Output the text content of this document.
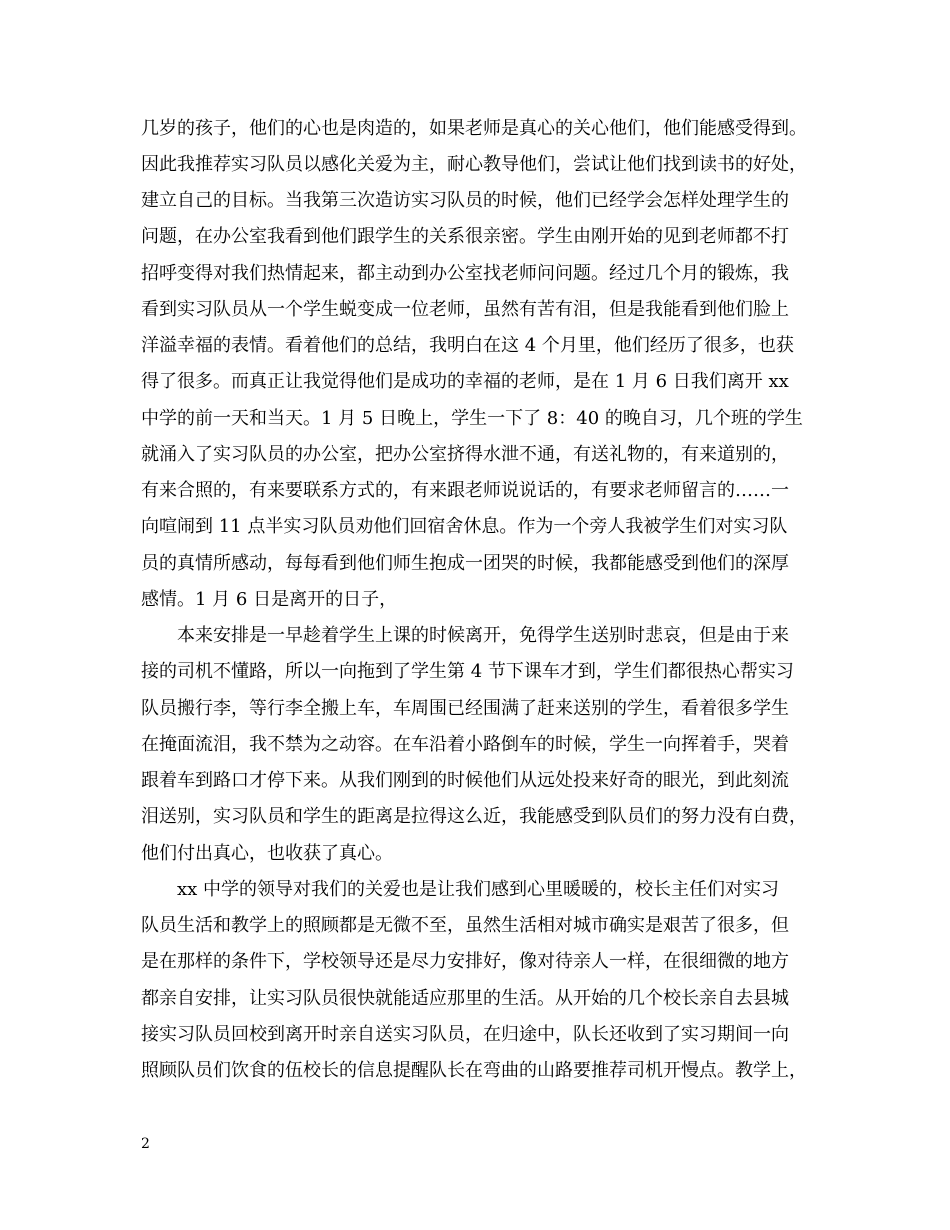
几岁的孩子，他们的心也是肉造的，如果老师是真心的关心他们，他们能感受得到。
因此我推荐实习队员以感化关爱为主，耐心教导他们，尝试让他们找到读书的好处，
建立自己的目标。当我第三次造访实习队员的时候，他们已经学会怎样处理学生的
问题，在办公室我看到他们跟学生的关系很亲密。学生由刚开始的见到老师都不打
招呼变得对我们热情起来，都主动到办公室找老师问问题。经过几个月的锻炼，我
看到实习队员从一个学生蜕变成一位老师，虽然有苦有泪，但是我能看到他们脸上
洋溢幸福的表情。看着他们的总结，我明白在这 4 个月里，他们经历了很多，也获
得了很多。而真正让我觉得他们是成功的幸福的老师，是在 1 月 6 日我们离开 xx
中学的前一天和当天。1 月 5 日晚上，学生一下了 8：40 的晚自习，几个班的学生
就涌入了实习队员的办公室，把办公室挤得水泄不通，有送礼物的，有来道别的，
有来合照的，有来要联系方式的，有来跟老师说说话的，有要求老师留言的……一
向喧闹到 11 点半实习队员劝他们回宿舍休息。作为一个旁人我被学生们对实习队
员的真情所感动，每每看到他们师生抱成一团哭的时候，我都能感受到他们的深厚
感情。1 月 6 日是离开的日子，
　　本来安排是一早趁着学生上课的时候离开，免得学生送别时悲哀，但是由于来
接的司机不懂路，所以一向拖到了学生第 4 节下课车才到，学生们都很热心帮实习
队员搬行李，等行李全搬上车，车周围已经围满了赶来送别的学生，看着很多学生
在掩面流泪，我不禁为之动容。在车沿着小路倒车的时候，学生一向挥着手，哭着
跟着车到路口才停下来。从我们刚到的时候他们从远处投来好奇的眼光，到此刻流
泪送别，实习队员和学生的距离是拉得这么近，我能感受到队员们的努力没有白费，
他们付出真心，也收获了真心。
　　xx 中学的领导对我们的关爱也是让我们感到心里暖暖的，校长主任们对实习
队员生活和教学上的照顾都是无微不至，虽然生活相对城市确实是艰苦了很多，但
是在那样的条件下，学校领导还是尽力安排好，像对待亲人一样，在很细微的地方
都亲自安排，让实习队员很快就能适应那里的生活。从开始的几个校长亲自去县城
接实习队员回校到离开时亲自送实习队员，在归途中，队长还收到了实习期间一向
照顾队员们饮食的伍校长的信息提醒队长在弯曲的山路要推荐司机开慢点。教学上，
2
